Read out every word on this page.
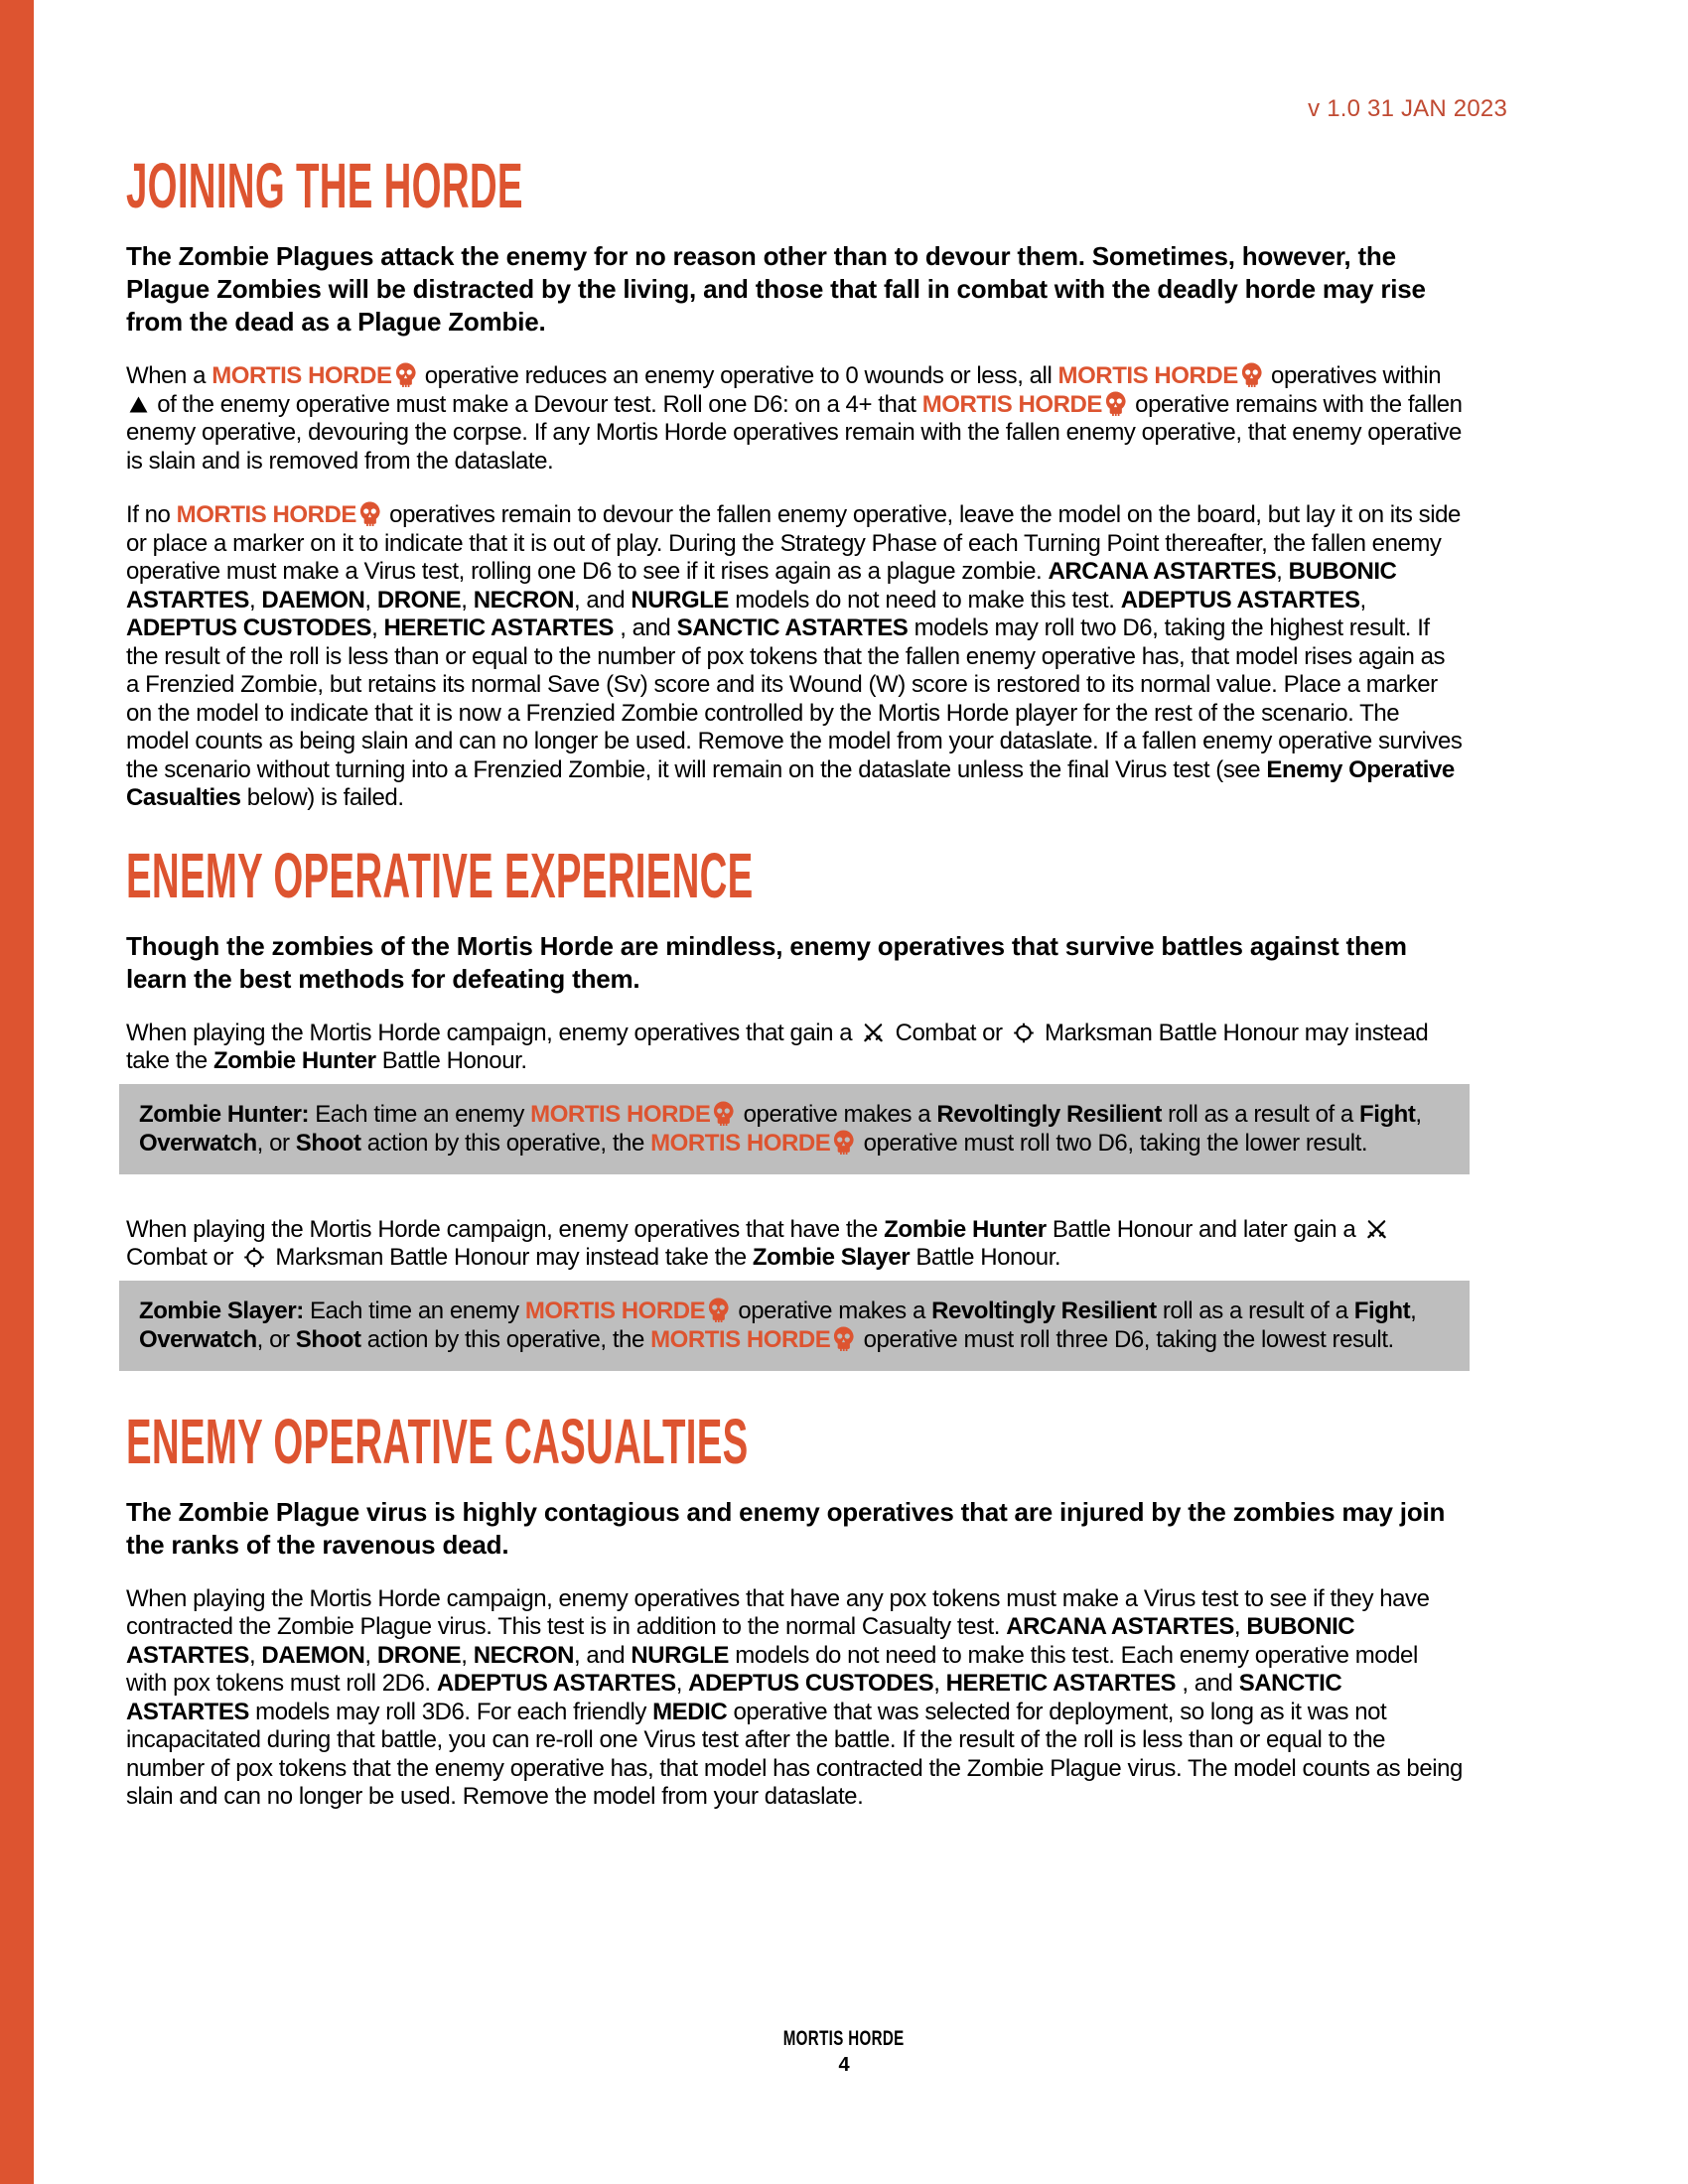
v 1.0 31 JAN 2023
JOINING THE HORDE

The Zombie Plagues attack the enemy for no reason other than to devour them. Sometimes, however, the Plague Zombies will be distracted by the living, and those that fall in combat with the deadly horde may rise from the dead as a Plague Zombie.

When a MORTIS HORDE operative reduces an enemy operative to 0 wounds or less, all MORTIS HORDE operatives within  of the enemy operative must make a Devour test. Roll one D6: on a 4+ that MORTIS HORDE operative remains with the fallen enemy operative, devouring the corpse. If any Mortis Horde operatives remain with the fallen enemy operative, that enemy operative is slain and is removed from the dataslate.

If no MORTIS HORDE operatives remain to devour the fallen enemy operative, leave the model on the board, but lay it on its side or place a marker on it to indicate that it is out of play. During the Strategy Phase of each Turning Point thereafter, the fallen enemy operative must make a Virus test, rolling one D6 to see if it rises again as a plague zombie. ARCANA ASTARTES, BUBONIC ASTARTES, DAEMON, DRONE, NECRON, and NURGLE models do not need to make this test. ADEPTUS ASTARTES, ADEPTUS CUSTODES, HERETIC ASTARTES , and SANCTIC ASTARTES models may roll two D6, taking the highest result. If the result of the roll is less than or equal to the number of pox tokens that the fallen enemy operative has, that model rises again as a Frenzied Zombie, but retains its normal Save (Sv) score and its Wound (W) score is restored to its normal value. Place a marker on the model to indicate that it is now a Frenzied Zombie controlled by the Mortis Horde player for the rest of the scenario. The model counts as being slain and can no longer be used. Remove the model from your dataslate. If a fallen enemy operative survives the scenario without turning into a Frenzied Zombie, it will remain on the dataslate unless the final Virus test (see Enemy Operative Casualties below) is failed.

ENEMY OPERATIVE EXPERIENCE

Though the zombies of the Mortis Horde are mindless, enemy operatives that survive battles against them learn the best methods for defeating them.

When playing the Mortis Horde campaign, enemy operatives that gain a  Combat or  Marksman Battle Honour may instead take the Zombie Hunter Battle Honour.

Zombie Hunter: Each time an enemy MORTIS HORDE operative makes a Revoltingly Resilient roll as a result of a Fight, Overwatch, or Shoot action by this operative, the MORTIS HORDE operative must roll two D6, taking the lower result.

When playing the Mortis Horde campaign, enemy operatives that have the Zombie Hunter Battle Honour and later gain a  Combat or  Marksman Battle Honour may instead take the Zombie Slayer Battle Honour.

Zombie Slayer: Each time an enemy MORTIS HORDE operative makes a Revoltingly Resilient roll as a result of a Fight, Overwatch, or Shoot action by this operative, the MORTIS HORDE operative must roll three D6, taking the lowest result.
ENEMY OPERATIVE CASUALTIES

The Zombie Plague virus is highly contagious and enemy operatives that are injured by the zombies may join the ranks of the ravenous dead.

When playing the Mortis Horde campaign, enemy operatives that have any pox tokens must make a Virus test to see if they have contracted the Zombie Plague virus. This test is in addition to the normal Casualty test. ARCANA ASTARTES, BUBONIC ASTARTES, DAEMON, DRONE, NECRON, and NURGLE models do not need to make this test. Each enemy operative model with pox tokens must roll 2D6. ADEPTUS ASTARTES, ADEPTUS CUSTODES, HERETIC ASTARTES , and SANCTIC ASTARTES models may roll 3D6. For each friendly MEDIC operative that was selected for deployment, so long as it was not incapacitated during that battle, you can re-roll one Virus test after the battle. If the result of the roll is less than or equal to the number of pox tokens that the enemy operative has, that model has contracted the Zombie Plague virus. The model counts as being slain and can no longer be used. Remove the model from your dataslate.

MORTIS HORDE
4
